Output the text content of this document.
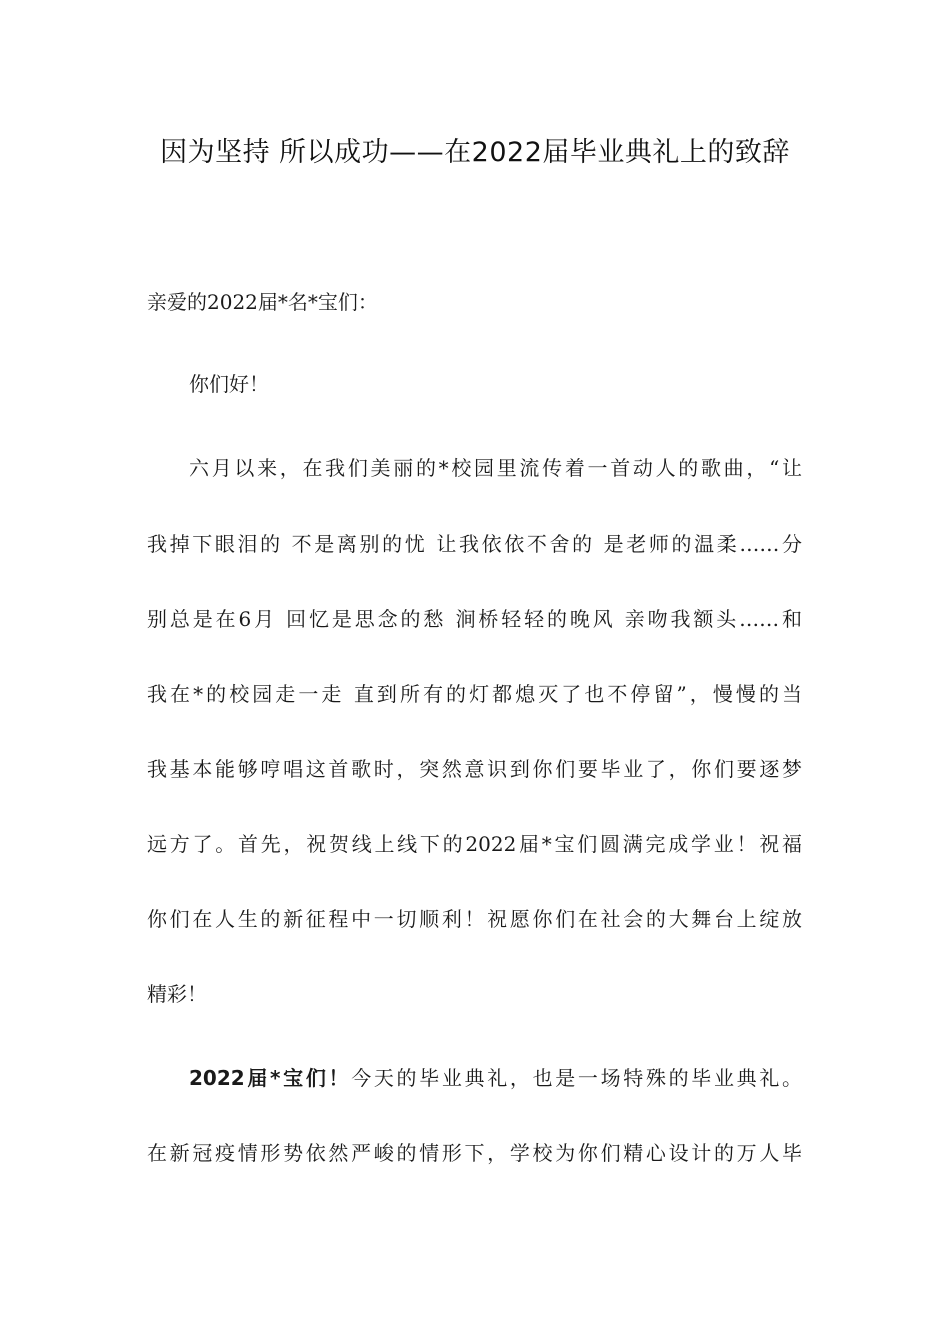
因为坚持 所以成功——在2022届毕业典礼上的致辞
亲爱的2022届*名*宝们：
你们好！
六月以来，在我们美丽的*校园里流传着一首动人的歌曲，“让
我掉下眼泪的 不是离别的忧 让我依依不舍的 是老师的温柔……分
别总是在6月 回忆是思念的愁 涧桥轻轻的晚风 亲吻我额头……和
我在*的校园走一走 直到所有的灯都熄灭了也不停留”，慢慢的当
我基本能够哼唱这首歌时，突然意识到你们要毕业了，你们要逐梦
远方了。首先，祝贺线上线下的2022届*宝们圆满完成学业！祝福
你们在人生的新征程中一切顺利！祝愿你们在社会的大舞台上绽放
精彩！
2022届*宝们！今天的毕业典礼，也是一场特殊的毕业典礼。
在新冠疫情形势依然严峻的情形下，学校为你们精心设计的万人毕
